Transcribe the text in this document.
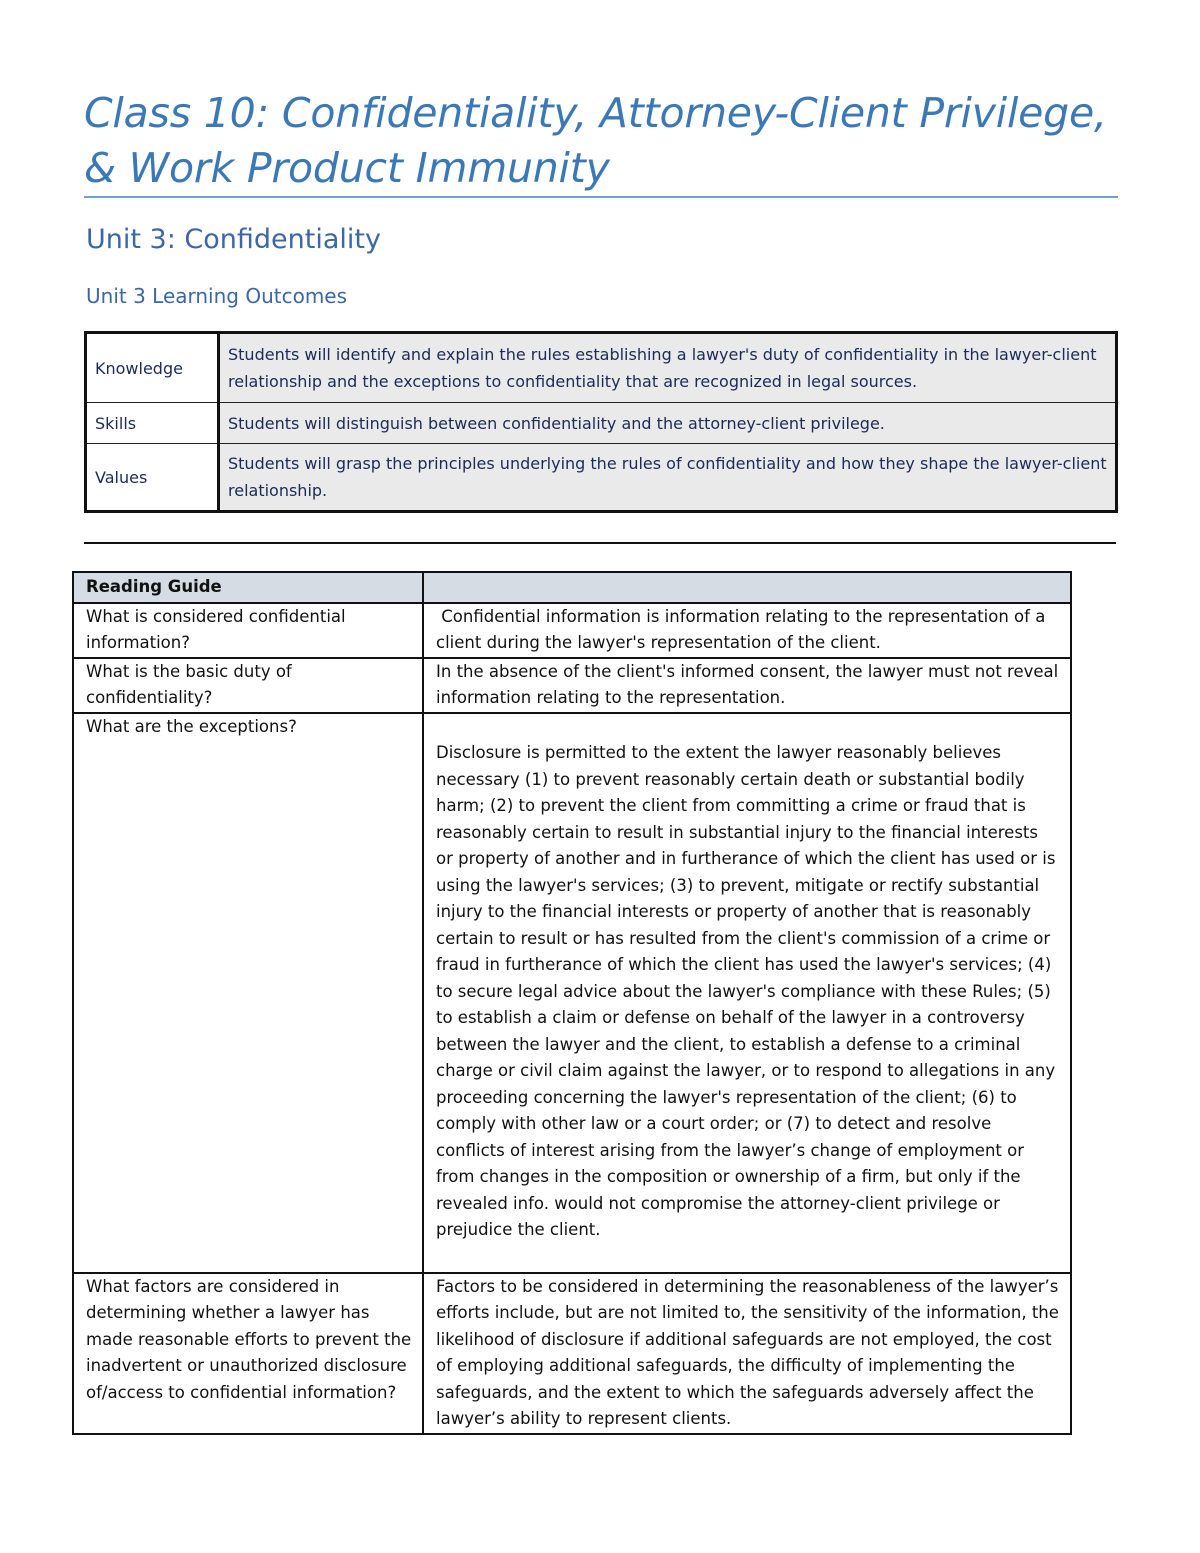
Class 10: Confidentiality, Attorney-Client Privilege, & Work Product Immunity
Unit 3: Confidentiality
Unit 3 Learning Outcomes
Knowledge	Students will identify and explain the rules establishing a lawyer's duty of confidentiality in the lawyer-client relationship and the exceptions to confidentiality that are recognized in legal sources.
Skills	Students will distinguish between confidentiality and the attorney-client privilege.
Values	Students will grasp the principles underlying the rules of confidentiality and how they shape the lawyer-client relationship.
Reading Guide	
What is considered confidential information?	Confidential information is information relating to the representation of a client during the lawyer's representation of the client.
What is the basic duty of confidentiality?	In the absence of the client's informed consent, the lawyer must not reveal information relating to the representation.
What are the exceptions?	Disclosure is permitted to the extent the lawyer reasonably believes necessary (1) to prevent reasonably certain death or substantial bodily harm; (2) to prevent the client from committing a crime or fraud that is reasonably certain to result in substantial injury to the financial interests or property of another and in furtherance of which the client has used or is using the lawyer's services; (3) to prevent, mitigate or rectify substantial injury to the financial interests or property of another that is reasonably certain to result or has resulted from the client's commission of a crime or fraud in furtherance of which the client has used the lawyer's services; (4) to secure legal advice about the lawyer's compliance with these Rules; (5) to establish a claim or defense on behalf of the lawyer in a controversy between the lawyer and the client, to establish a defense to a criminal charge or civil claim against the lawyer, or to respond to allegations in any proceeding concerning the lawyer's representation of the client; (6) to comply with other law or a court order; or (7) to detect and resolve conflicts of interest arising from the lawyer’s change of employment or from changes in the composition or ownership of a firm, but only if the revealed info. would not compromise the attorney-client privilege or prejudice the client.
What factors are considered in determining whether a lawyer has made reasonable efforts to prevent the inadvertent or unauthorized disclosure of/access to confidential information?	Factors to be considered in determining the reasonableness of the lawyer’s efforts include, but are not limited to, the sensitivity of the information, the likelihood of disclosure if additional safeguards are not employed, the cost of employing additional safeguards, the difficulty of implementing the safeguards, and the extent to which the safeguards adversely affect the lawyer’s ability to represent clients.
